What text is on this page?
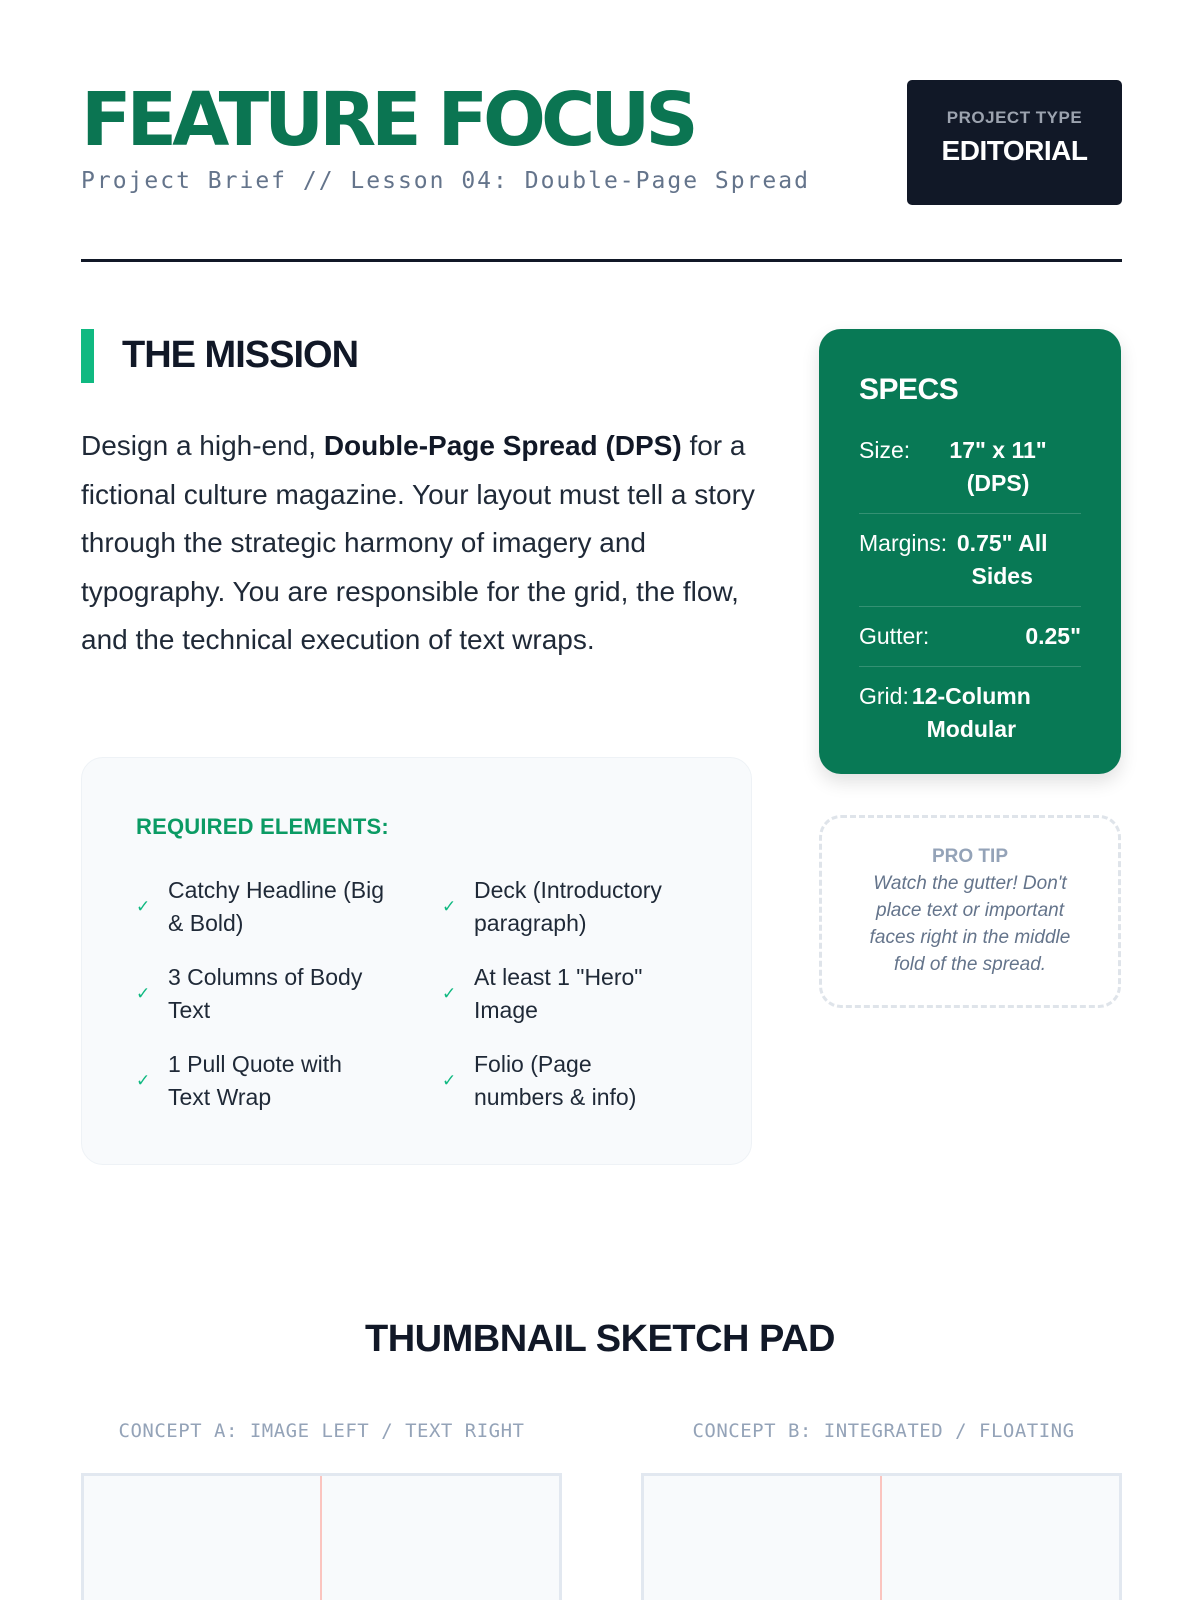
FEATURE FOCUS
Project Brief // Lesson 04: Double-Page Spread
PROJECT TYPE
EDITORIAL
THE MISSION

Design a high-end, Double-Page Spread (DPS) for a fictional culture magazine. Your layout must tell a story through the strategic harmony of imagery and typography. You are responsible for the grid, the flow, and the technical execution of text wraps.

REQUIRED ELEMENTS:
✓
Catchy Headline (Big & Bold)
✓
Deck (Introductory paragraph)
✓
3 Columns of Body Text
✓
At least 1 "Hero" Image
✓
1 Pull Quote with Text Wrap
✓
Folio (Page numbers & info)
SPECS
Size:	17" x 11" (DPS)
Margins: 0.75" All Sides
Gutter:	0.25"
Grid: 12-Column Modular
PRO TIP
Watch the gutter! Don't place text or important faces right in the middle fold of the spread.
THUMBNAIL SKETCH PAD
CONCEPT A: IMAGE LEFT / TEXT RIGHT	CONCEPT B: INTEGRATED / FLOATING
